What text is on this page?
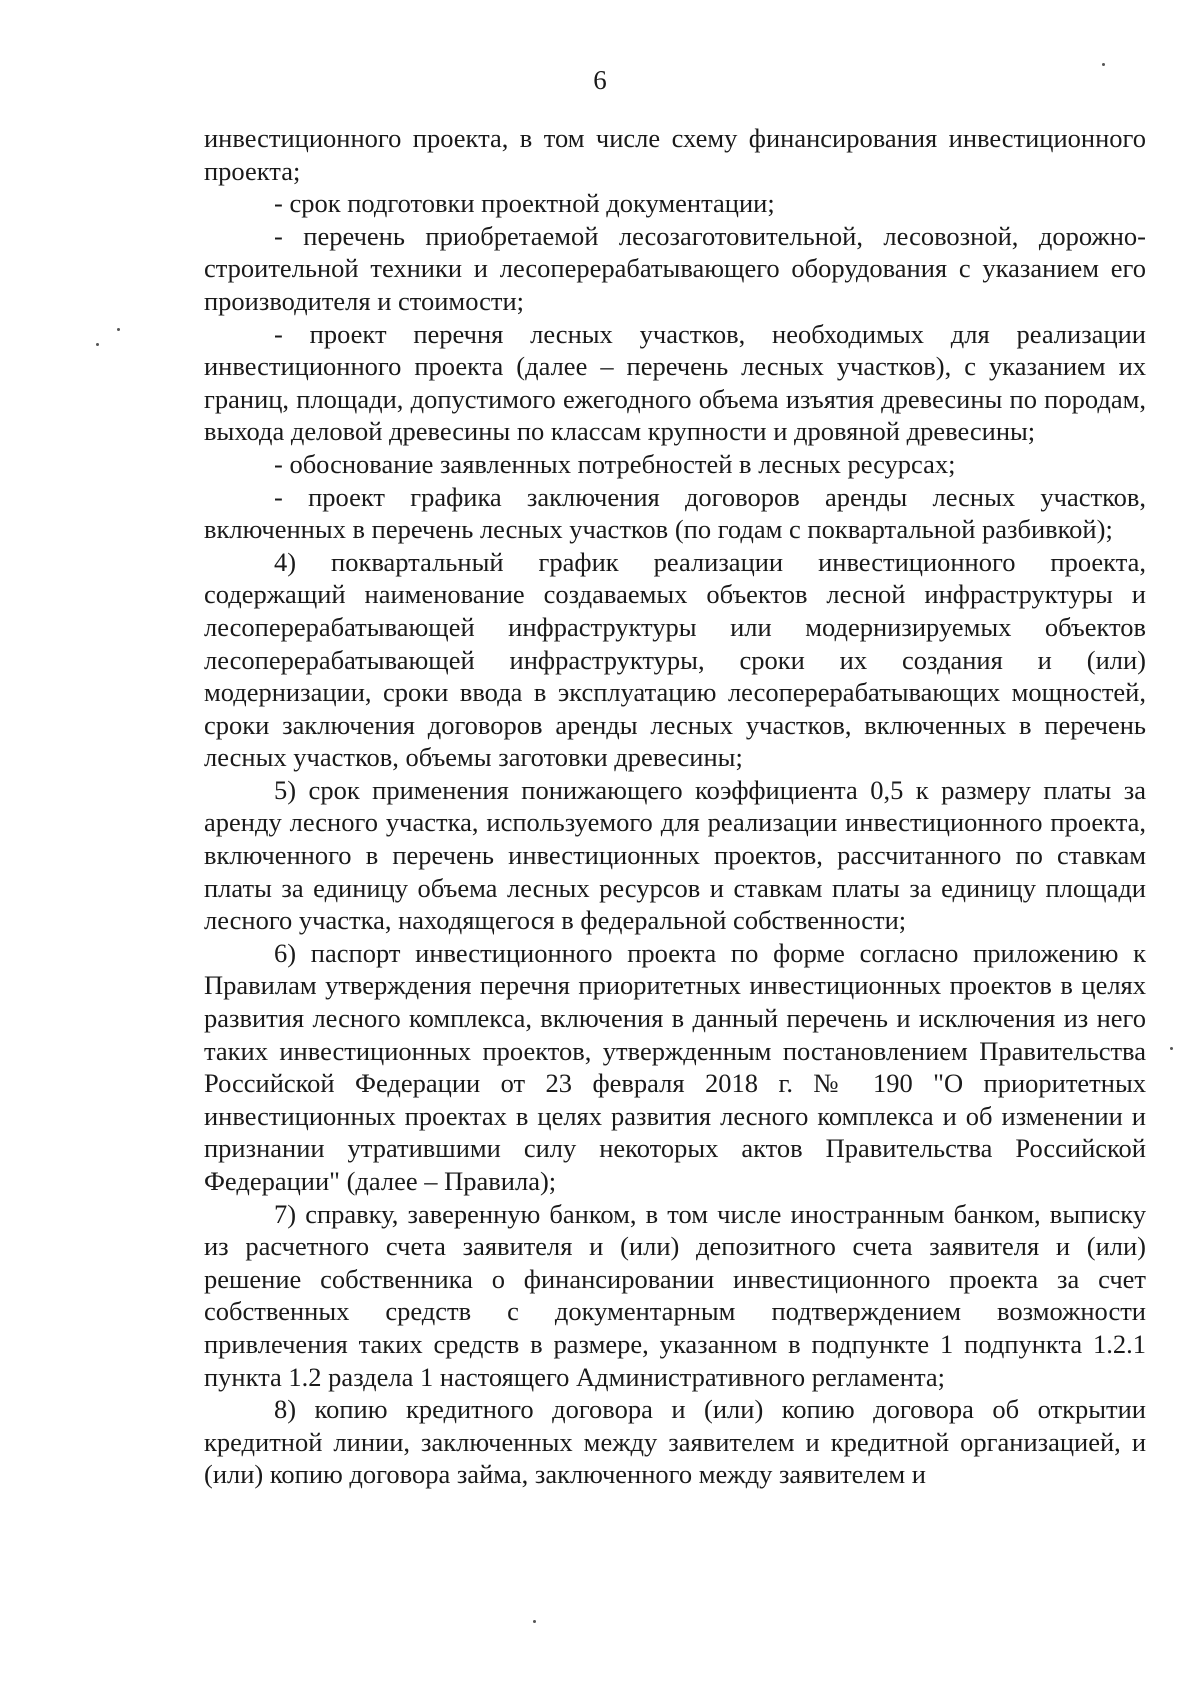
6

инвестиционного проекта, в том числе схему финансирования инвестиционного проекта;

- срок подготовки проектной документации;

- перечень приобретаемой лесозаготовительной, лесовозной, дорожно-строительной техники и лесоперерабатывающего оборудования с указанием его производителя и стоимости;

- проект перечня лесных участков, необходимых для реализации инвестиционного проекта (далее – перечень лесных участков), с указанием их границ, площади, допустимого ежегодного объема изъятия древесины по породам, выхода деловой древесины по классам крупности и дровяной древесины;

- обоснование заявленных потребностей в лесных ресурсах;

- проект графика заключения договоров аренды лесных участков, включенных в перечень лесных участков (по годам с поквартальной разбивкой);

4) поквартальный график реализации инвестиционного проекта, содержащий наименование создаваемых объектов лесной инфраструктуры и лесоперерабатывающей инфраструктуры или модернизируемых объектов лесоперерабатывающей инфраструктуры, сроки их создания и (или) модернизации, сроки ввода в эксплуатацию лесоперерабатывающих мощностей, сроки заключения договоров аренды лесных участков, включенных в перечень лесных участков, объемы заготовки древесины;

5) срок применения понижающего коэффициента 0,5 к размеру платы за аренду лесного участка, используемого для реализации инвестиционного проекта, включенного в перечень инвестиционных проектов, рассчитанного по ставкам платы за единицу объема лесных ресурсов и ставкам платы за единицу площади лесного участка, находящегося в федеральной собственности;

6) паспорт инвестиционного проекта по форме согласно приложению к Правилам утверждения перечня приоритетных инвестиционных проектов в целях развития лесного комплекса, включения в данный перечень и исключения из него таких инвестиционных проектов, утвержденным постановлением Правительства Российской Федерации от 23 февраля 2018 г. № 190 "О приоритетных инвестиционных проектах в целях развития лесного комплекса и об изменении и признании утратившими силу некоторых актов Правительства Российской Федерации" (далее – Правила);

7) справку, заверенную банком, в том числе иностранным банком, выписку из расчетного счета заявителя и (или) депозитного счета заявителя и (или) решение собственника о финансировании инвестиционного проекта за счет собственных средств с документарным подтверждением возможности привлечения таких средств в размере, указанном в подпункте 1 подпункта 1.2.1 пункта 1.2 раздела 1 настоящего Административного регламента;

8) копию кредитного договора и (или) копию договора об открытии кредитной линии, заключенных между заявителем и кредитной организацией, и (или) копию договора займа, заключенного между заявителем и
